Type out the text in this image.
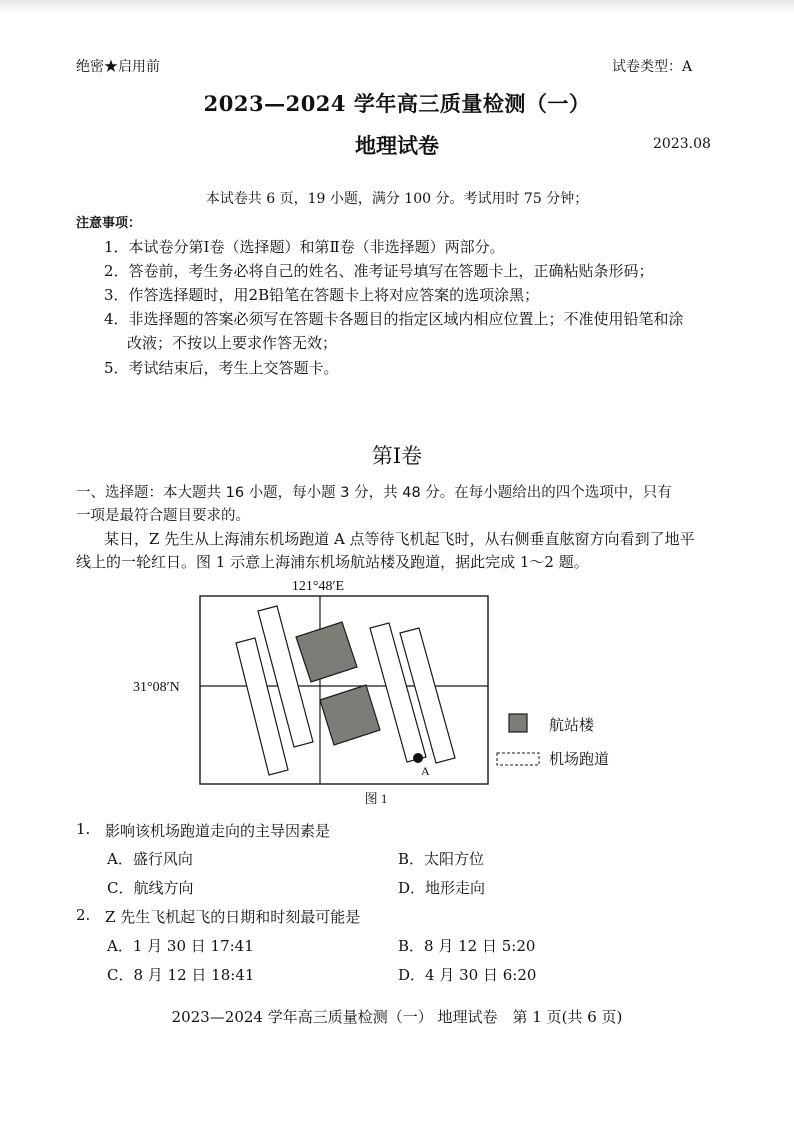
绝密★启用前	试卷类型：A
2023—2024 学年高三质量检测（一）
地理试卷	2023.08
本试卷共 6 页，19 小题，满分 100 分。考试用时 75 分钟；
注意事项：
1．本试卷分第Ⅰ卷（选择题）和第Ⅱ卷（非选择题）两部分。
2．答卷前，考生务必将自己的姓名、准考证号填写在答题卡上，正确粘贴条形码；
3．作答选择题时，用2B铅笔在答题卡上将对应答案的选项涂黑；
4．非选择题的答案必须写在答题卡各题目的指定区域内相应位置上；不准使用铅笔和涂
改液；不按以上要求作答无效；
5．考试结束后，考生上交答题卡。
第Ⅰ卷
一、选择题：本大题共 16 小题，每小题 3 分，共 48 分。在每小题给出的四个选项中，只有
一项是最符合题目要求的。
某日，Z 先生从上海浦东机场跑道 A 点等待飞机起飞时，从右侧垂直舷窗方向看到了地平
线上的一轮红日。图 1 示意上海浦东机场航站楼及跑道，据此完成 1～2 题。
121°48′E
31°08′N
A
航站楼
机场跑道
图 1
1. 影响该机场跑道走向的主导因素是
A．盛行风向	B．太阳方位
C．航线方向	D．地形走向
2. Z 先生飞机起飞的日期和时刻最可能是
A．1 月 30 日 17:41	B．8 月 12 日 5:20
C．8 月 12 日 18:41	D．4 月 30 日 6:20
2023—2024 学年高三质量检测（一） 地理试卷　第 1 页(共 6 页)
